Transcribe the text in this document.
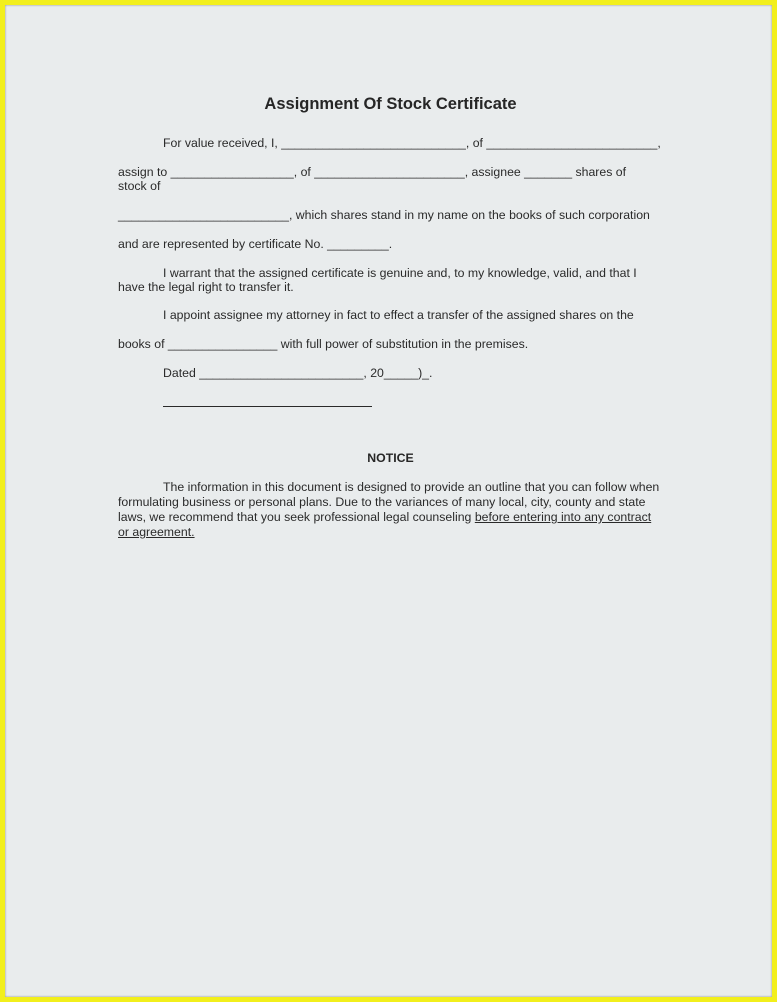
Assignment Of Stock Certificate
For value received, I, ___________________________, of _________________________,
assign to __________________, of ______________________, assignee _______ shares of
stock of
_________________________, which shares stand in my name on the books of such corporation
and are represented by certificate No. _________.
I warrant that the assigned certificate is genuine and, to my knowledge, valid, and that I
have the legal right to transfer it.
I appoint assignee my attorney in fact to effect a transfer of the assigned shares on the
books of ________________ with full power of substitution in the premises.
Dated ________________________, 20_____)_.
NOTICE
The information in this document is designed to provide an outline that you can follow when formulating business or personal plans. Due to the variances of many local, city, county and state laws, we recommend that you seek professional legal counseling before entering into any contract or agreement.
